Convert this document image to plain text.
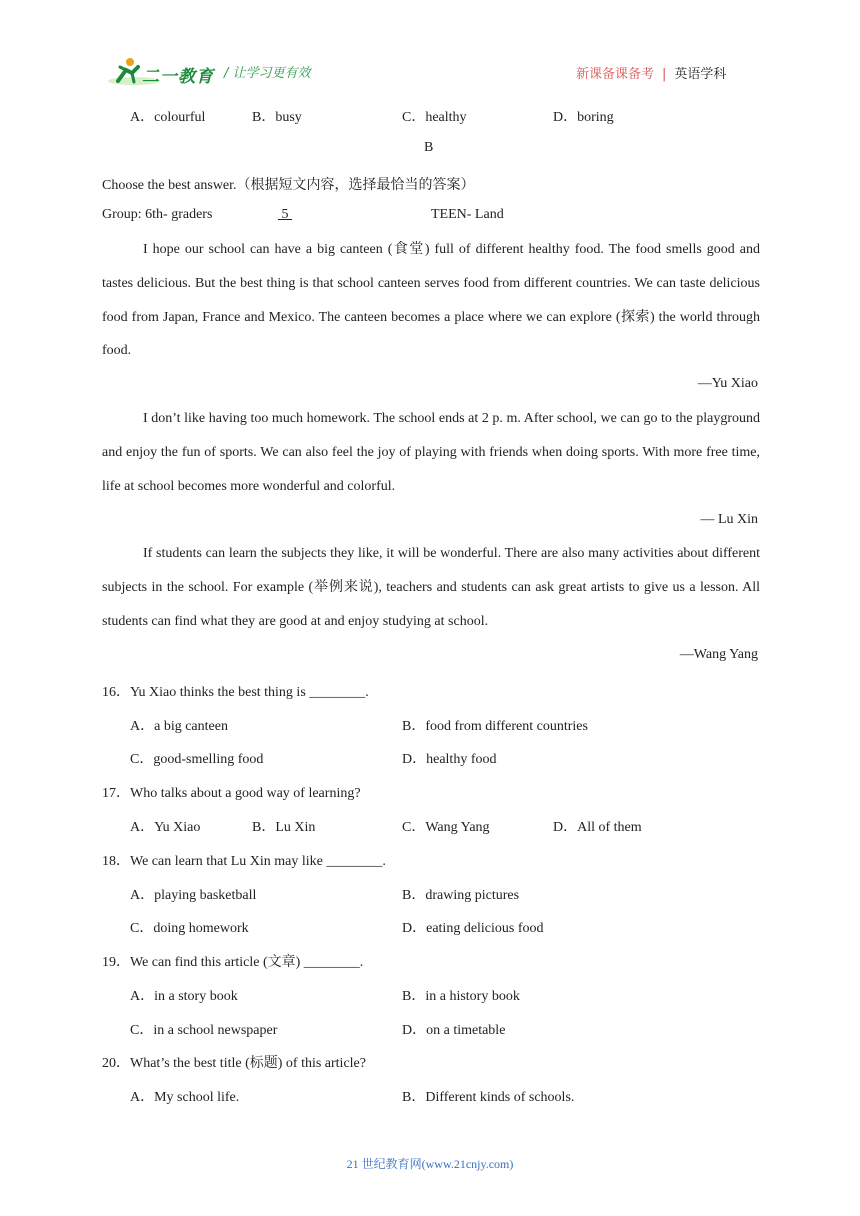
二一教育 / 让学习更有效	新课备课备考 | 英语学科
A．colourful	B．busy	C．healthy	D．boring
B
Choose the best answer.（根据短文内容，选择最恰当的答案）
Group: 6th- graders	5	TEEN- Land
I hope our school can have a big canteen (食堂) full of different healthy food. The food smells good and tastes delicious. But the best thing is that school canteen serves food from different countries. We can taste delicious food from Japan, France and Mexico. The canteen becomes a place where we can explore (探索) the world through food.
—Yu Xiao
I don’t like having too much homework. The school ends at 2 p. m. After school, we can go to the playground and enjoy the fun of sports. We can also feel the joy of playing with friends when doing sports. With more free time, life at school becomes more wonderful and colorful.
— Lu Xin
If students can learn the subjects they like, it will be wonderful. There are also many activities about different subjects in the school. For example (举例来说), teachers and students can ask great artists to give us a lesson. All students can find what they are good at and enjoy studying at school.
—Wang Yang
16．Yu Xiao thinks the best thing is ________.
A．a big canteen	B．food from different countries
C．good-smelling food	D．healthy food
17．Who talks about a good way of learning?
A．Yu Xiao	B．Lu Xin	C．Wang Yang	D．All of them
18．We can learn that Lu Xin may like ________.
A．playing basketball	B．drawing pictures
C．doing homework	D．eating delicious food
19．We can find this article (文章) ________.
A．in a story book	B．in a history book
C．in a school newspaper	D．on a timetable
20．What’s the best title (标题) of this article?
A．My school life.	B．Different kinds of schools.
21 世纪教育网(www.21cnjy.com)
